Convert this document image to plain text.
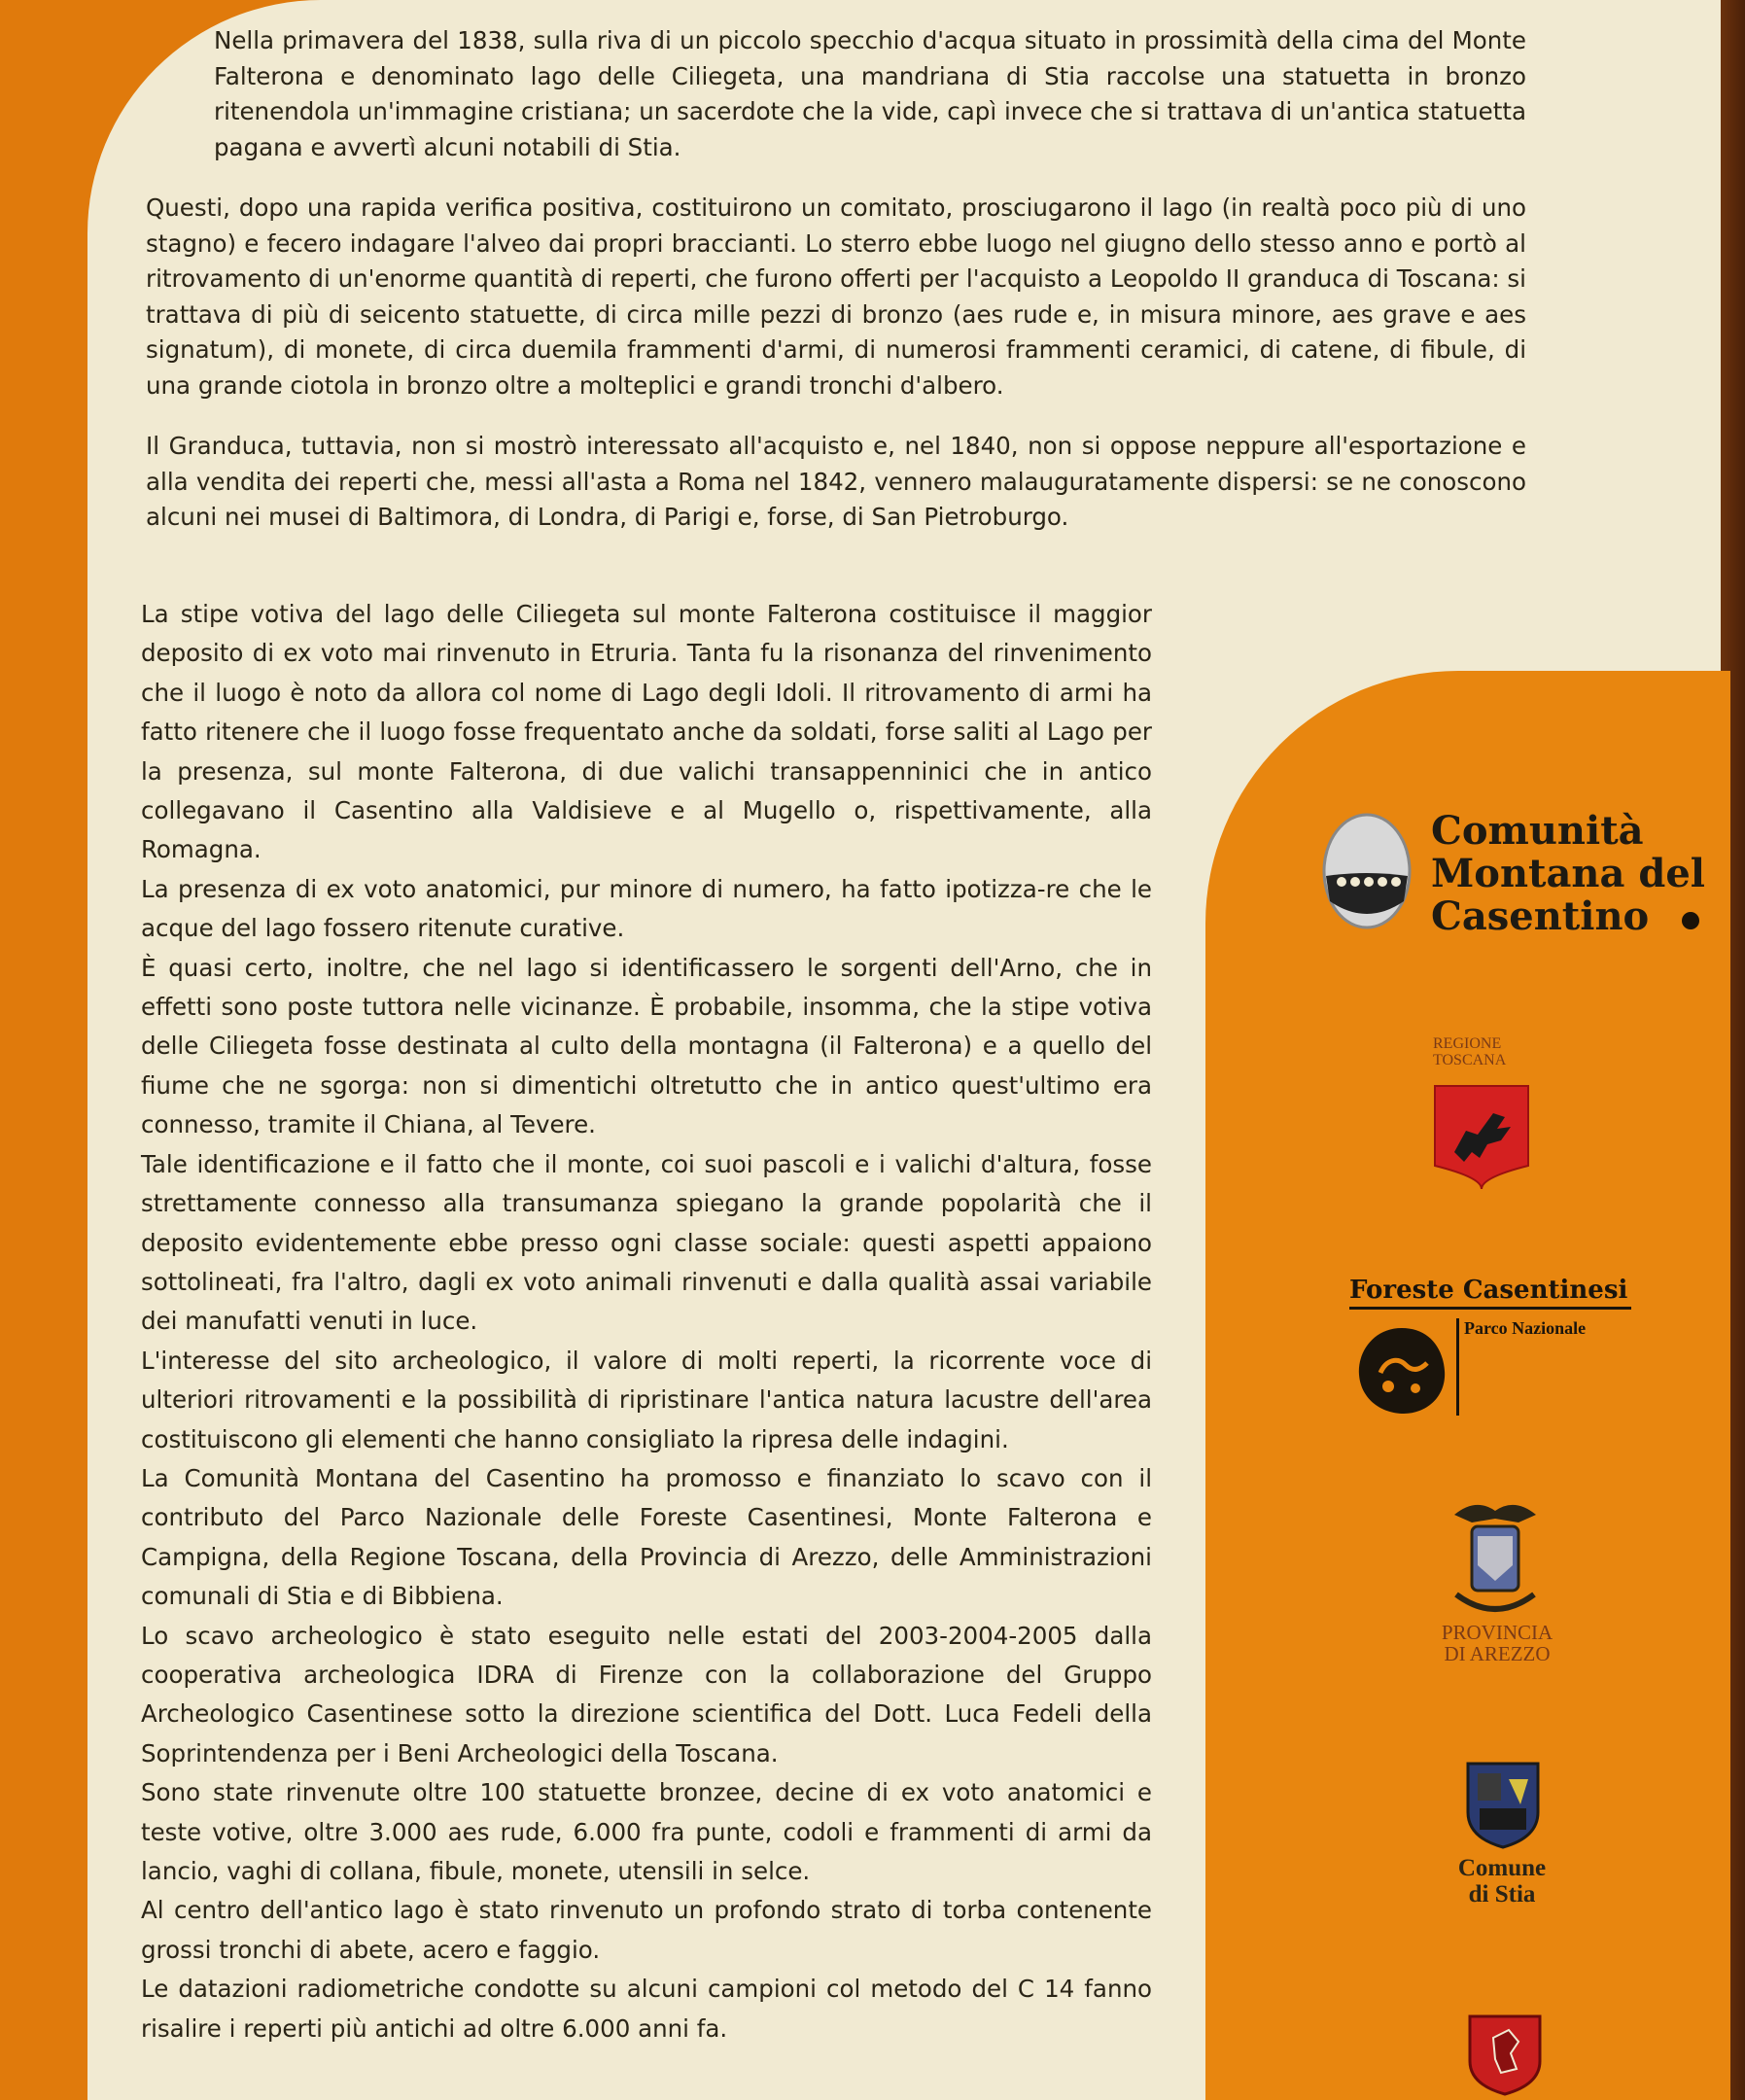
Nella primavera del 1838, sulla riva di un piccolo specchio d'acqua situato in prossimità della cima del Monte Falterona e denominato lago delle Ciliegeta, una mandriana di Stia raccolse una statuetta in bronzo ritenendola un'immagine cristiana; un sacerdote che la vide, capì invece che si trattava di un'antica statuetta pagana e avvertì alcuni notabili di Stia.

Questi, dopo una rapida verifica positiva, costituirono un comitato, prosciugarono il lago (in realtà poco più di uno stagno) e fecero indagare l'alveo dai propri braccianti. Lo sterro ebbe luogo nel giugno dello stesso anno e portò al ritrovamento di un'enorme quantità di reperti, che furono offerti per l'acquisto a Leopoldo II granduca di Toscana: si trattava di più di seicento statuette, di circa mille pezzi di bronzo (aes rude e, in misura minore, aes grave e aes signatum), di monete, di circa duemila frammenti d'armi, di numerosi frammenti ceramici, di catene, di fibule, di una grande ciotola in bronzo oltre a molteplici e grandi tronchi d'albero.

Il Granduca, tuttavia, non si mostrò interessato all'acquisto e, nel 1840, non si oppose neppure all'esportazione e alla vendita dei reperti che, messi all'asta a Roma nel 1842, vennero malauguratamente dispersi: se ne conoscono alcuni nei musei di Baltimora, di Londra, di Parigi e, forse, di San Pietroburgo.

La stipe votiva del lago delle Ciliegeta sul monte Falterona costituisce il maggior deposito di ex voto mai rinvenuto in Etruria. Tanta fu la risonanza del rinvenimento che il luogo è noto da allora col nome di Lago degli Idoli. Il ritrovamento di armi ha fatto ritenere che il luogo fosse frequentato anche da soldati, forse saliti al Lago per la presenza, sul monte Falterona, di due valichi transappenninici che in antico collegavano il Casentino alla Valdisieve e al Mugello o, rispettivamente, alla Romagna.

La presenza di ex voto anatomici, pur minore di numero, ha fatto ipotizza-re che le acque del lago fossero ritenute curative.

È quasi certo, inoltre, che nel lago si identificassero le sorgenti dell'Arno, che in effetti sono poste tuttora nelle vicinanze. È probabile, insomma, che la stipe votiva delle Ciliegeta fosse destinata al culto della montagna (il Falterona) e a quello del fiume che ne sgorga: non si dimentichi oltretutto che in antico quest'ultimo era connesso, tramite il Chiana, al Tevere.

Tale identificazione e il fatto che il monte, coi suoi pascoli e i valichi d'altura, fosse strettamente connesso alla transumanza spiegano la grande popolarità che il deposito evidentemente ebbe presso ogni classe sociale: questi aspetti appaiono sottolineati, fra l'altro, dagli ex voto animali rinvenuti e dalla qualità assai variabile dei manufatti venuti in luce.

L'interesse del sito archeologico, il valore di molti reperti, la ricorrente voce di ulteriori ritrovamenti e la possibilità di ripristinare l'antica natura lacustre dell'area costituiscono gli elementi che hanno consigliato la ripresa delle indagini.

La Comunità Montana del Casentino ha promosso e finanziato lo scavo con il contributo del Parco Nazionale delle Foreste Casentinesi, Monte Falterona e Campigna, della Regione Toscana, della Provincia di Arezzo, delle Amministrazioni comunali di Stia e di Bibbiena.

Lo scavo archeologico è stato eseguito nelle estati del 2003-2004-2005 dalla cooperativa archeologica IDRA di Firenze con la collaborazione del Gruppo Archeologico Casentinese sotto la direzione scientifica del Dott. Luca Fedeli della Soprintendenza per i Beni Archeologici della Toscana.

Sono state rinvenute oltre 100 statuette bronzee, decine di ex voto anatomici e teste votive, oltre 3.000 aes rude, 6.000 fra punte, codoli e frammenti di armi da lancio, vaghi di collana, fibule, monete, utensili in selce.

Al centro dell'antico lago è stato rinvenuto un profondo strato di torba contenente grossi tronchi di abete, acero e faggio.

Le datazioni radiometriche condotte su alcuni campioni col metodo del C 14 fanno risalire i reperti più antichi ad oltre 6.000 anni fa.

Comunità
Montana del
Casentino
REGIONE
TOSCANA
Foreste Casentinesi
Parco Nazionale
PROVINCIA
DI AREZZO
Comune
di Stia
